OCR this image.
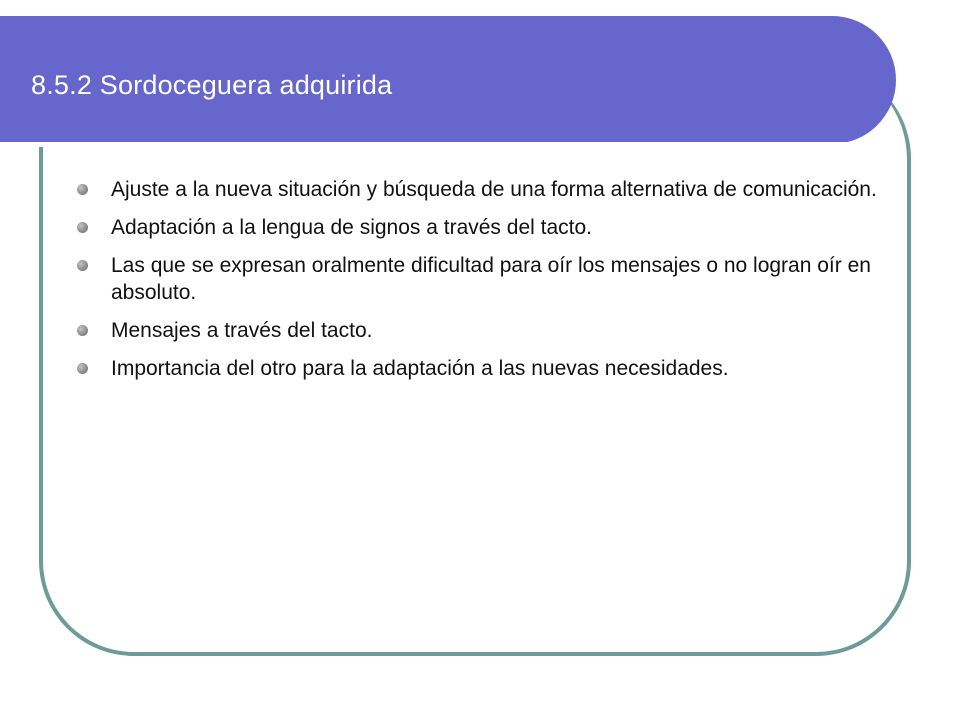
8.5.2 Sordoceguera adquirida
Ajuste a la nueva situación y búsqueda de una forma alternativa de comunicación.
Adaptación a la lengua de signos a través del tacto.
Las que se expresan oralmente dificultad para oír los mensajes o no logran oír en absoluto.
Mensajes a través del tacto.
Importancia del otro para la adaptación a las nuevas necesidades.
